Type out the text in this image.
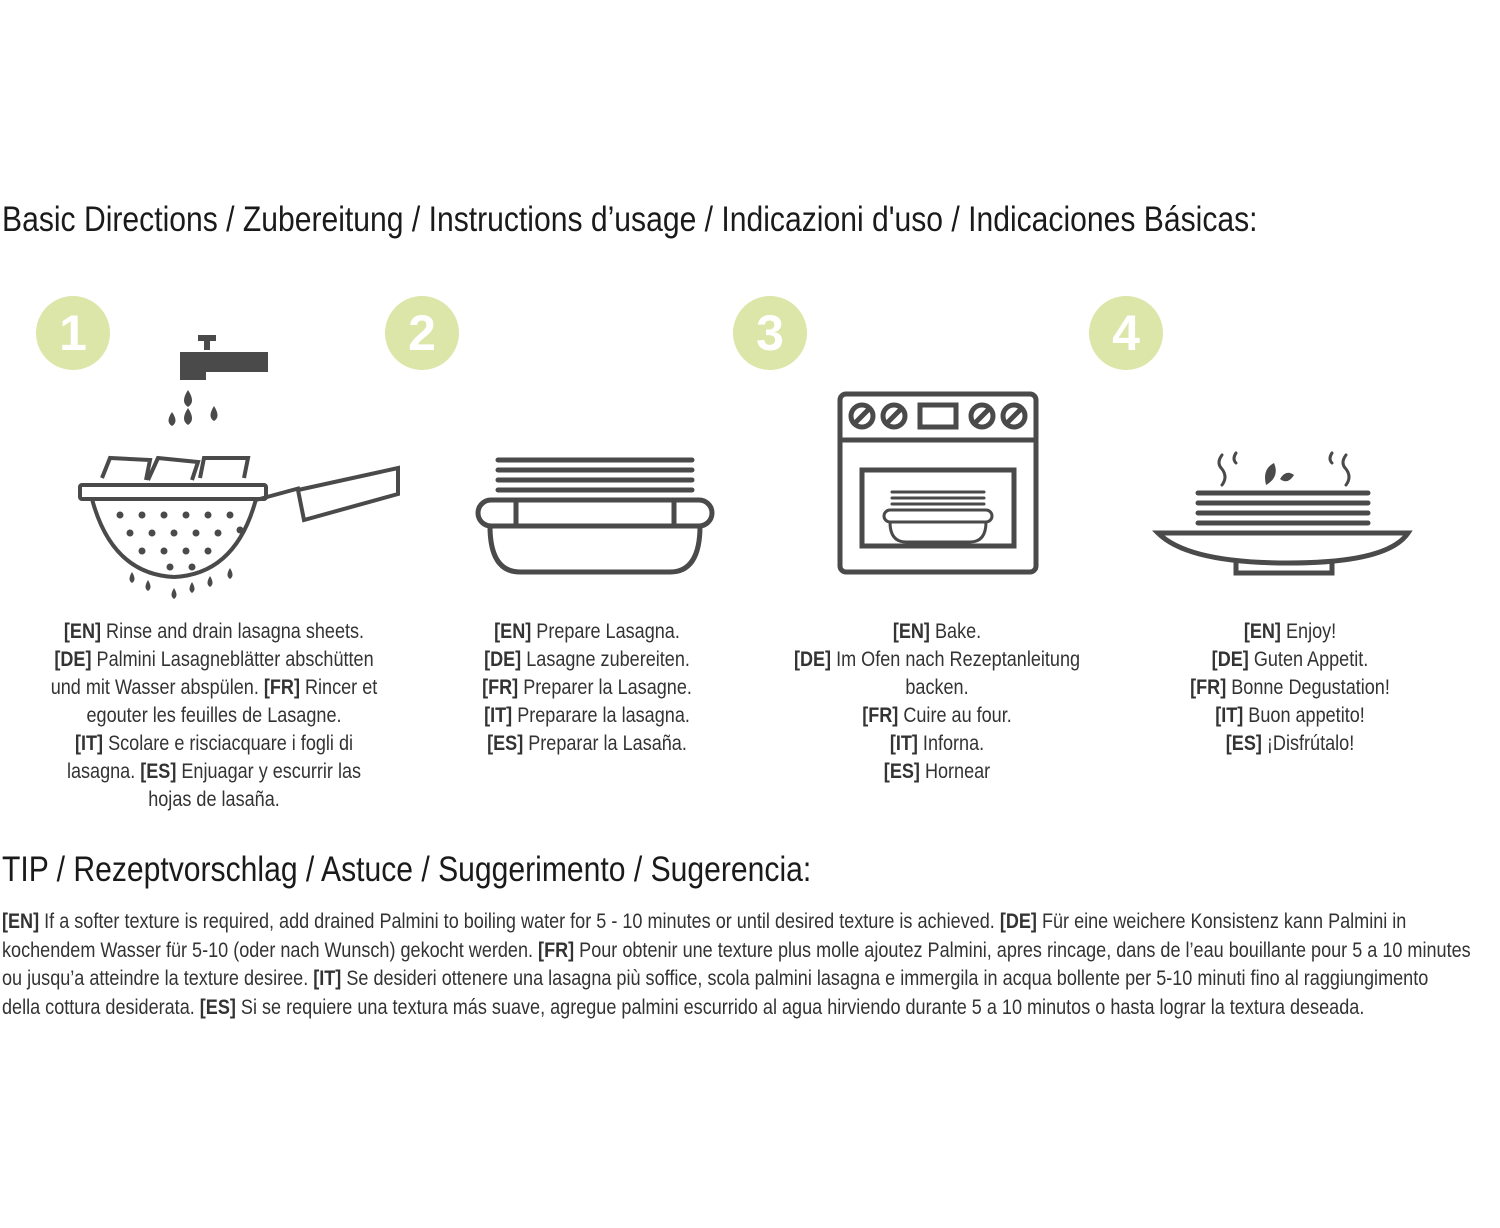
Basic Directions / Zubereitung / Instructions d’usage / Indicazioni d'uso / Indicaciones Básicas:
1	2	3	4
[EN] Rinse and drain lasagna sheets.
[DE] Palmini Lasagneblätter abschütten
und mit Wasser abspülen. [FR] Rincer et
egouter les feuilles de Lasagne.
[IT] Scolare e risciacquare i fogli di
lasagna. [ES] Enjuagar y escurrir las
hojas de lasaña.
[EN] Prepare Lasagna.
[DE] Lasagne zubereiten.
[FR] Preparer la Lasagne.
[IT] Preparare la lasagna.
[ES] Preparar la Lasaña.
[EN] Bake.
[DE] Im Ofen nach Rezeptanleitung
backen.
[FR] Cuire au four.
[IT] Inforna.
[ES] Hornear
[EN] Enjoy!
[DE] Guten Appetit.
[FR] Bonne Degustation!
[IT] Buon appetito!
[ES] ¡Disfrútalo!
TIP / Rezeptvorschlag / Astuce / Suggerimento / Sugerencia:
[EN] If a softer texture is required, add drained Palmini to boiling water for 5 - 10 minutes or until desired texture is achieved. [DE] Für eine weichere Konsistenz kann Palmini in
kochendem Wasser für 5-10 (oder nach Wunsch) gekocht werden. [FR] Pour obtenir une texture plus molle ajoutez Palmini, apres rincage, dans de l’eau bouillante pour 5 a 10 minutes
ou jusqu’a atteindre la texture desiree. [IT] Se desideri ottenere una lasagna più soffice, scola palmini lasagna e immergila in acqua bollente per 5-10 minuti fino al raggiungimento
della cottura desiderata. [ES] Si se requiere una textura más suave, agregue palmini escurrido al agua hirviendo durante 5 a 10 minutos o hasta lograr la textura deseada.
